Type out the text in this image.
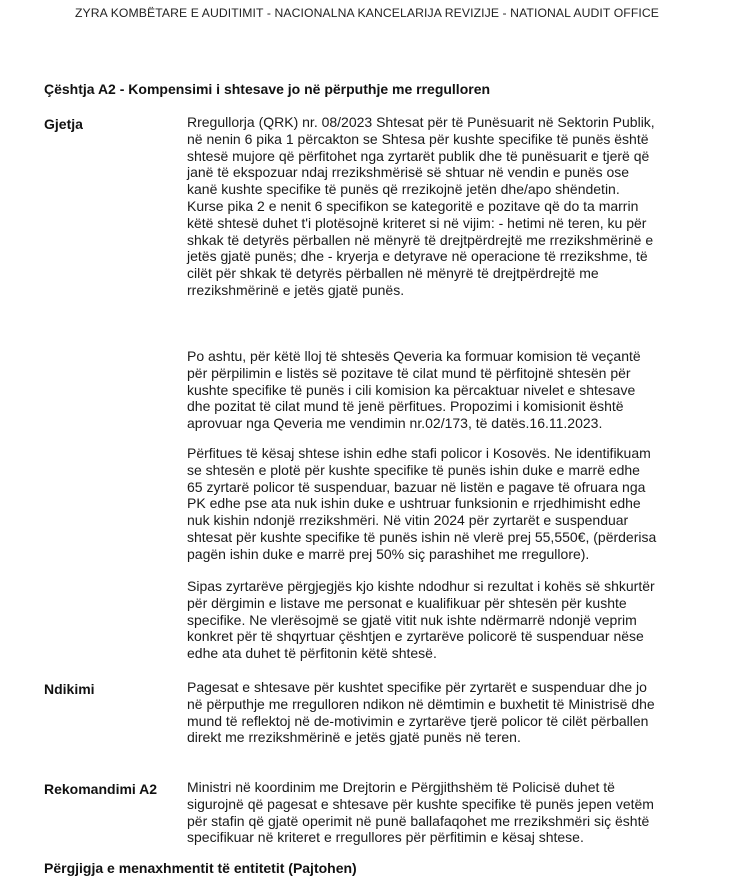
ZYRA KOMBËTARE E AUDITIMIT - NACIONALNA KANCELARIJA REVIZIJE - NATIONAL AUDIT OFFICE
Çështja A2 - Kompensimi i shtesave jo në përputhje me rregulloren
Gjetja	Rregullorja (QRK) nr. 08/2023 Shtesat për të Punësuarit në Sektorin Publik,
në nenin 6 pika 1 përcakton se Shtesa për kushte specifike të punës është
shtesë mujore që përfitohet nga zyrtarët publik dhe të punësuarit e tjerë që
janë të ekspozuar ndaj rrezikshmërisë së shtuar në vendin e punës ose
kanë kushte specifike të punës që rrezikojnë jetën dhe/apo shëndetin.
Kurse pika 2 e nenit 6 specifikon se kategoritë e pozitave që do ta marrin
këtë shtesë duhet t'i plotësojnë kriteret si në vijim: - hetimi në teren, ku për
shkak të detyrës përballen në mënyrë të drejtpërdrejtë me rrezikshmërinë e
jetës gjatë punës; dhe - kryerja e detyrave në operacione të rrezikshme, të
cilët për shkak të detyrës përballen në mënyrë të drejtpërdrejtë me
rrezikshmërinë e jetës gjatë punës.
Po ashtu, për këtë lloj të shtesës Qeveria ka formuar komision të veçantë
për përpilimin e listës së pozitave të cilat mund të përfitojnë shtesën për
kushte specifike të punës i cili komision ka përcaktuar nivelet e shtesave
dhe pozitat të cilat mund të jenë përfitues. Propozimi i komisionit është
aprovuar nga Qeveria me vendimin nr.02/173, të datës.16.11.2023.
Përfitues të kësaj shtese ishin edhe stafi policor i Kosovës. Ne identifikuam
se shtesën e plotë për kushte specifike të punës ishin duke e marrë edhe
65 zyrtarë policor të suspenduar, bazuar në listën e pagave të ofruara nga
PK edhe pse ata nuk ishin duke e ushtruar funksionin e rrjedhimisht edhe
nuk kishin ndonjë rrezikshmëri. Në vitin 2024 për zyrtarët e suspenduar
shtesat për kushte specifike të punës ishin në vlerë prej 55,550€, (përderisa
pagën ishin duke e marrë prej 50% siç parashihet me rregullore).
Sipas zyrtarëve përgjegjës kjo kishte ndodhur si rezultat i kohës së shkurtër
për dërgimin e listave me personat e kualifikuar për shtesën për kushte
specifike. Ne vlerësojmë se gjatë vitit nuk ishte ndërmarrë ndonjë veprim
konkret për të shqyrtuar çështjen e zyrtarëve policorë të suspenduar nëse
edhe ata duhet të përfitonin këtë shtesë.
Ndikimi	Pagesat e shtesave për kushtet specifike për zyrtarët e suspenduar dhe jo
në përputhje me rregulloren ndikon në dëmtimin e buxhetit të Ministrisë dhe
mund të reflektoj në de-motivimin e zyrtarëve tjerë policor të cilët përballen
direkt me rrezikshmërinë e jetës gjatë punës në teren.
Rekomandimi A2 Ministri në koordinim me Drejtorin e Përgjithshëm të Policisë duhet të
sigurojnë që pagesat e shtesave për kushte specifike të punës jepen vetëm
për stafin që gjatë operimit në punë ballafaqohet me rrezikshmëri siç është
specifikuar në kriteret e rregullores për përfitimin e kësaj shtese.
Përgjigja e menaxhmentit të entitetit (Pajtohen)
